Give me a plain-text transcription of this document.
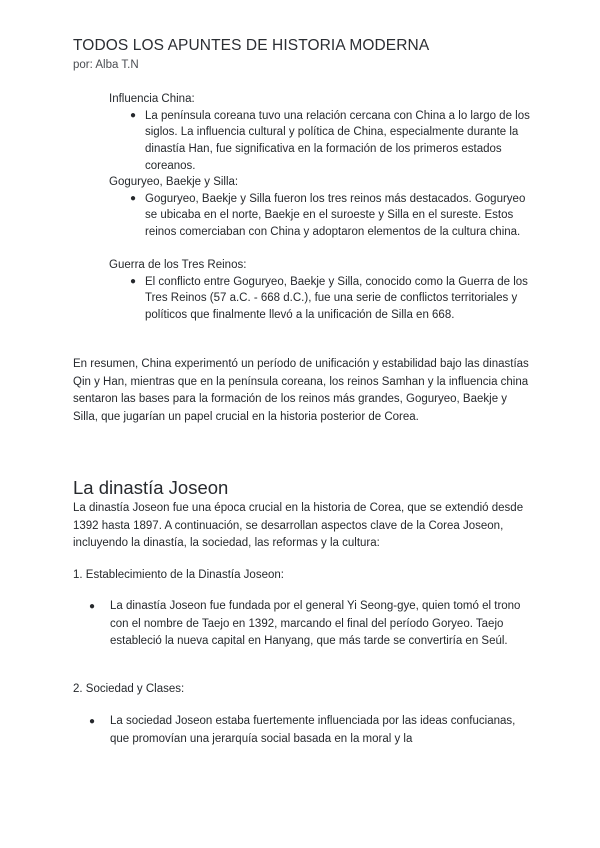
TODOS LOS APUNTES DE HISTORIA MODERNA
por: Alba T.N
Influencia China:
● La península coreana tuvo una relación cercana con China a lo largo de los siglos. La influencia cultural y política de China, especialmente durante la dinastía Han, fue significativa en la formación de los primeros estados coreanos.
Goguryeo, Baekje y Silla:
● Goguryeo, Baekje y Silla fueron los tres reinos más destacados. Goguryeo se ubicaba en el norte, Baekje en el suroeste y Silla en el sureste. Estos reinos comerciaban con China y adoptaron elementos de la cultura china.
Guerra de los Tres Reinos:
● El conflicto entre Goguryeo, Baekje y Silla, conocido como la Guerra de los Tres Reinos (57 a.C. - 668 d.C.), fue una serie de conflictos territoriales y políticos que finalmente llevó a la unificación de Silla en 668.

En resumen, China experimentó un período de unificación y estabilidad bajo las dinastías Qin y Han, mientras que en la península coreana, los reinos Samhan y la influencia china sentaron las bases para la formación de los reinos más grandes, Goguryeo, Baekje y Silla, que jugarían un papel crucial en la historia posterior de Corea.

La dinastía Joseon

La dinastía Joseon fue una época crucial en la historia de Corea, que se extendió desde 1392 hasta 1897. A continuación, se desarrollan aspectos clave de la Corea Joseon, incluyendo la dinastía, la sociedad, las reformas y la cultura:

1. Establecimiento de la Dinastía Joseon:

● La dinastía Joseon fue fundada por el general Yi Seong-gye, quien tomó el trono con el nombre de Taejo en 1392, marcando el final del período Goryeo. Taejo estableció la nueva capital en Hanyang, que más tarde se convertiría en Seúl.

2. Sociedad y Clases:

● La sociedad Joseon estaba fuertemente influenciada por las ideas confucianas, que promovían una jerarquía social basada en la moral y la
